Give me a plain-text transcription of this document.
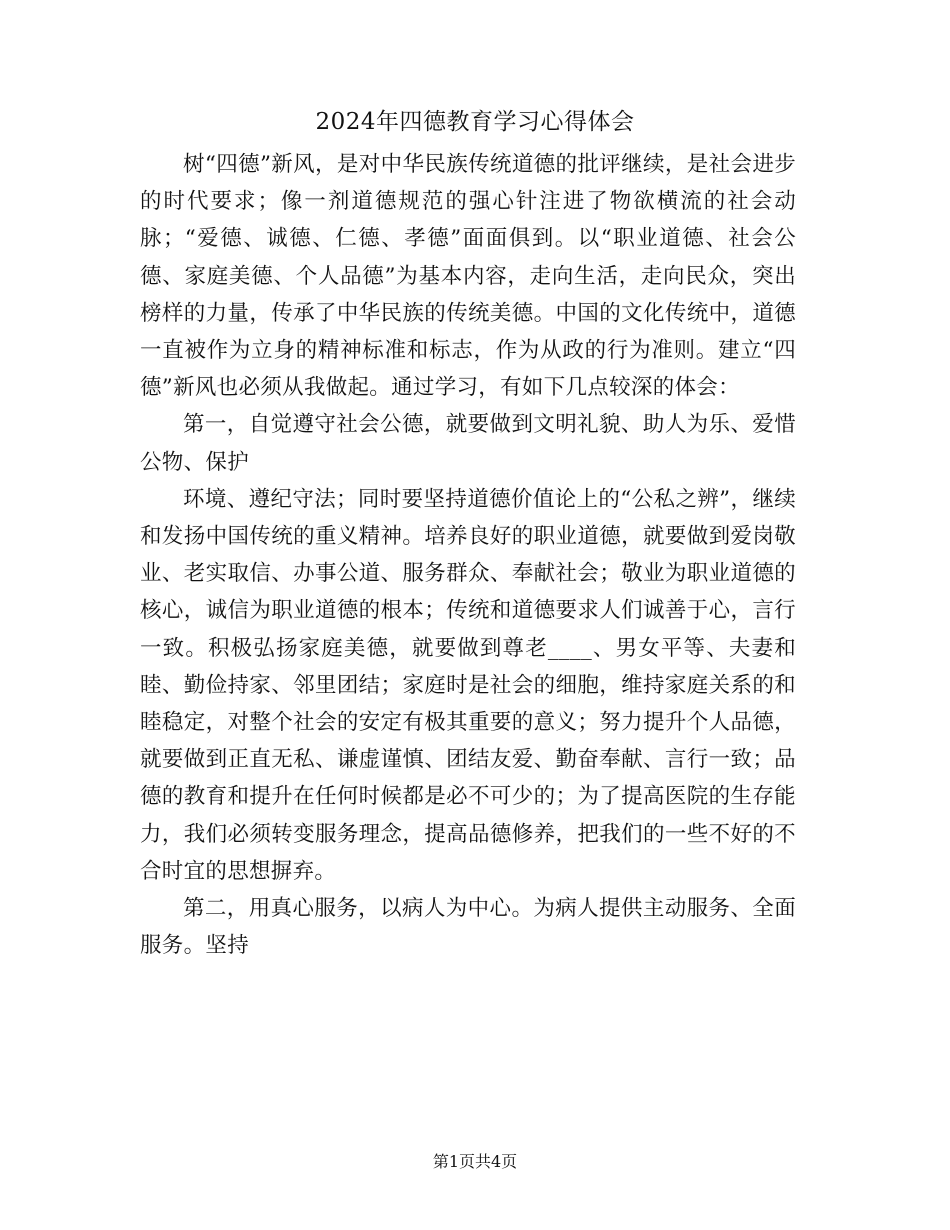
2024年四德教育学习心得体会

树“四德”新风，是对中华民族传统道德的批评继续，是社会进步的时代要求；像一剂道德规范的强心针注进了物欲横流的社会动脉；“爱德、诚德、仁德、孝德”面面俱到。以“职业道德、社会公德、家庭美德、个人品德”为基本内容，走向生活，走向民众，突出榜样的力量，传承了中华民族的传统美德。中国的文化传统中，道德一直被作为立身的精神标准和标志，作为从政的行为准则。建立“四德”新风也必须从我做起。通过学习，有如下几点较深的体会：

第一，自觉遵守社会公德，就要做到文明礼貌、助人为乐、爱惜公物、保护

环境、遵纪守法；同时要坚持道德价值论上的“公私之辨”，继续和发扬中国传统的重义精神。培养良好的职业道德，就要做到爱岗敬业、老实取信、办事公道、服务群众、奉献社会；敬业为职业道德的核心，诚信为职业道德的根本；传统和道德要求人们诚善于心，言行一致。积极弘扬家庭美德，就要做到尊老____、男女平等、夫妻和睦、勤俭持家、邻里团结；家庭时是社会的细胞，维持家庭关系的和睦稳定，对整个社会的安定有极其重要的意义；努力提升个人品德，就要做到正直无私、谦虚谨慎、团结友爱、勤奋奉献、言行一致；品德的教育和提升在任何时候都是必不可少的；为了提高医院的生存能力，我们必须转变服务理念，提高品德修养，把我们的一些不好的不合时宜的思想摒弃。

第二，用真心服务，以病人为中心。为病人提供主动服务、全面服务。坚持

第1页共4页
